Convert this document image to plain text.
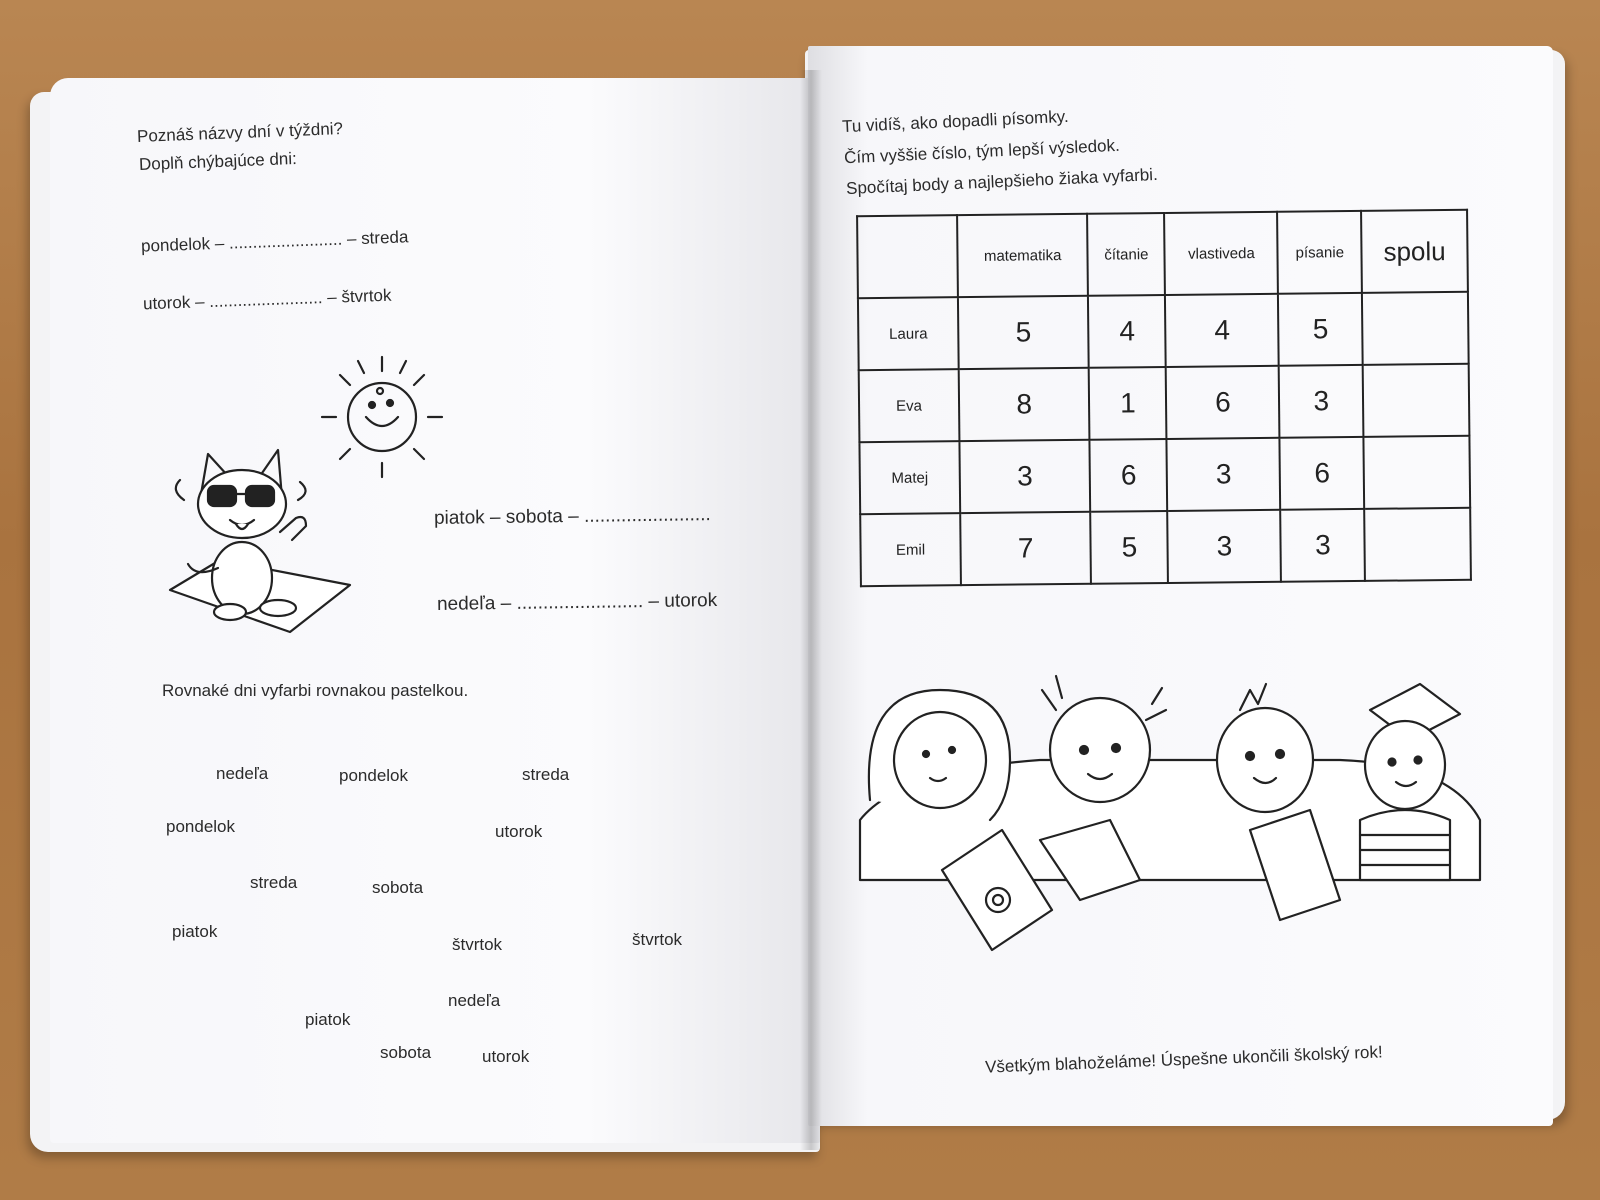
Poznáš názvy dní v týždni?
Doplň chýbajúce dni:
pondelok – ........................ – streda
utorok – ........................ – štvrtok
piatok – sobota – ........................
nedeľa – ........................ – utorok
Rovnaké dni vyfarbi rovnakou pastelkou.
nedeľa	pondelok	streda
pondelok	utorok
streda	sobota
piatok
štvrtok	štvrtok
nedeľa
piatok
sobota	utorok
Tu vidíš, ako dopadli písomky.
Čím vyššie číslo, tým lepší výsledok.
Spočítaj body a najlepšieho žiaka vyfarbi.
	matematika	čítanie	vlastiveda	písanie	spolu
Laura	5	4	4	5	
Eva	8	1	6	3	
Matej	3	6	3	6	
Emil	7	5	3	3	
Všetkým blahoželáme! Úspešne ukončili školský rok!
